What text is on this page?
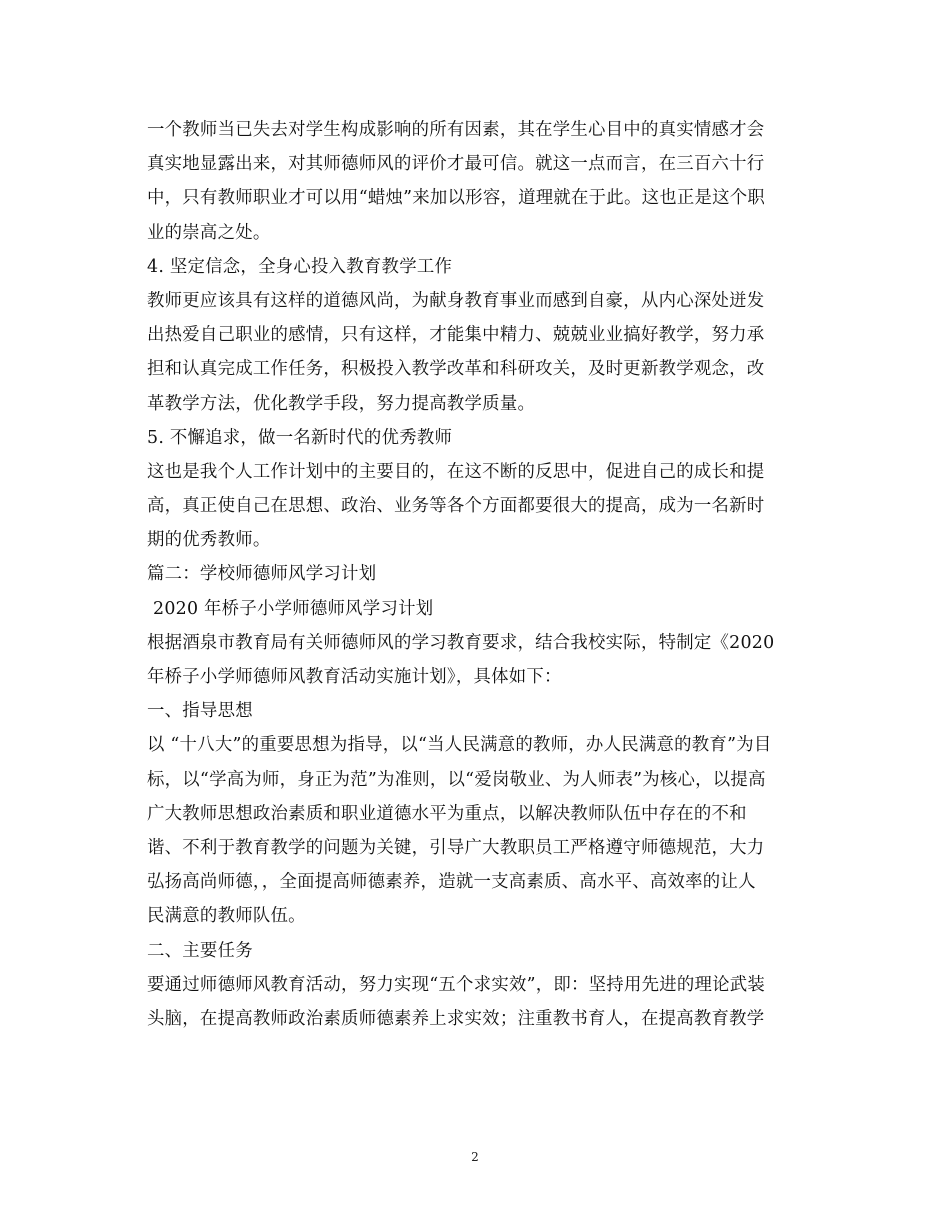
一个教师当已失去对学生构成影响的所有因素，其在学生心目中的真实情感才会
真实地显露出来，对其师德师风的评价才最可信。就这一点而言，在三百六十行
中，只有教师职业才可以用“蜡烛”来加以形容，道理就在于此。这也正是这个职
业的崇高之处。
4. 坚定信念，全身心投入教育教学工作
教师更应该具有这样的道德风尚，为献身教育事业而感到自豪，从内心深处迸发
出热爱自己职业的感情，只有这样，才能集中精力、兢兢业业搞好教学，努力承
担和认真完成工作任务，积极投入教学改革和科研攻关，及时更新教学观念，改
革教学方法，优化教学手段，努力提高教学质量。
5. 不懈追求，做一名新时代的优秀教师
这也是我个人工作计划中的主要目的，在这不断的反思中，促进自己的成长和提
高，真正使自己在思想、政治、业务等各个方面都要很大的提高，成为一名新时
期的优秀教师。
篇二：学校师德师风学习计划
2020 年桥子小学师德师风学习计划
根据酒泉市教育局有关师德师风的学习教育要求，结合我校实际，特制定《2020
年桥子小学师德师风教育活动实施计划》，具体如下：
一、指导思想
以 “十八大”的重要思想为指导，以“当人民满意的教师，办人民满意的教育”为目
标，以“学高为师，身正为范”为准则，以“爱岗敬业、为人师表”为核心，以提高
广大教师思想政治素质和职业道德水平为重点，以解决教师队伍中存在的不和
谐、不利于教育教学的问题为关键，引导广大教职员工严格遵守师德规范，大力
弘扬高尚师德，，全面提高师德素养，造就一支高素质、高水平、高效率的让人
民满意的教师队伍。
二、主要任务
要通过师德师风教育活动，努力实现“五个求实效”，即：坚持用先进的理论武装
头脑，在提高教师政治素质师德素养上求实效；注重教书育人，在提高教育教学
2
